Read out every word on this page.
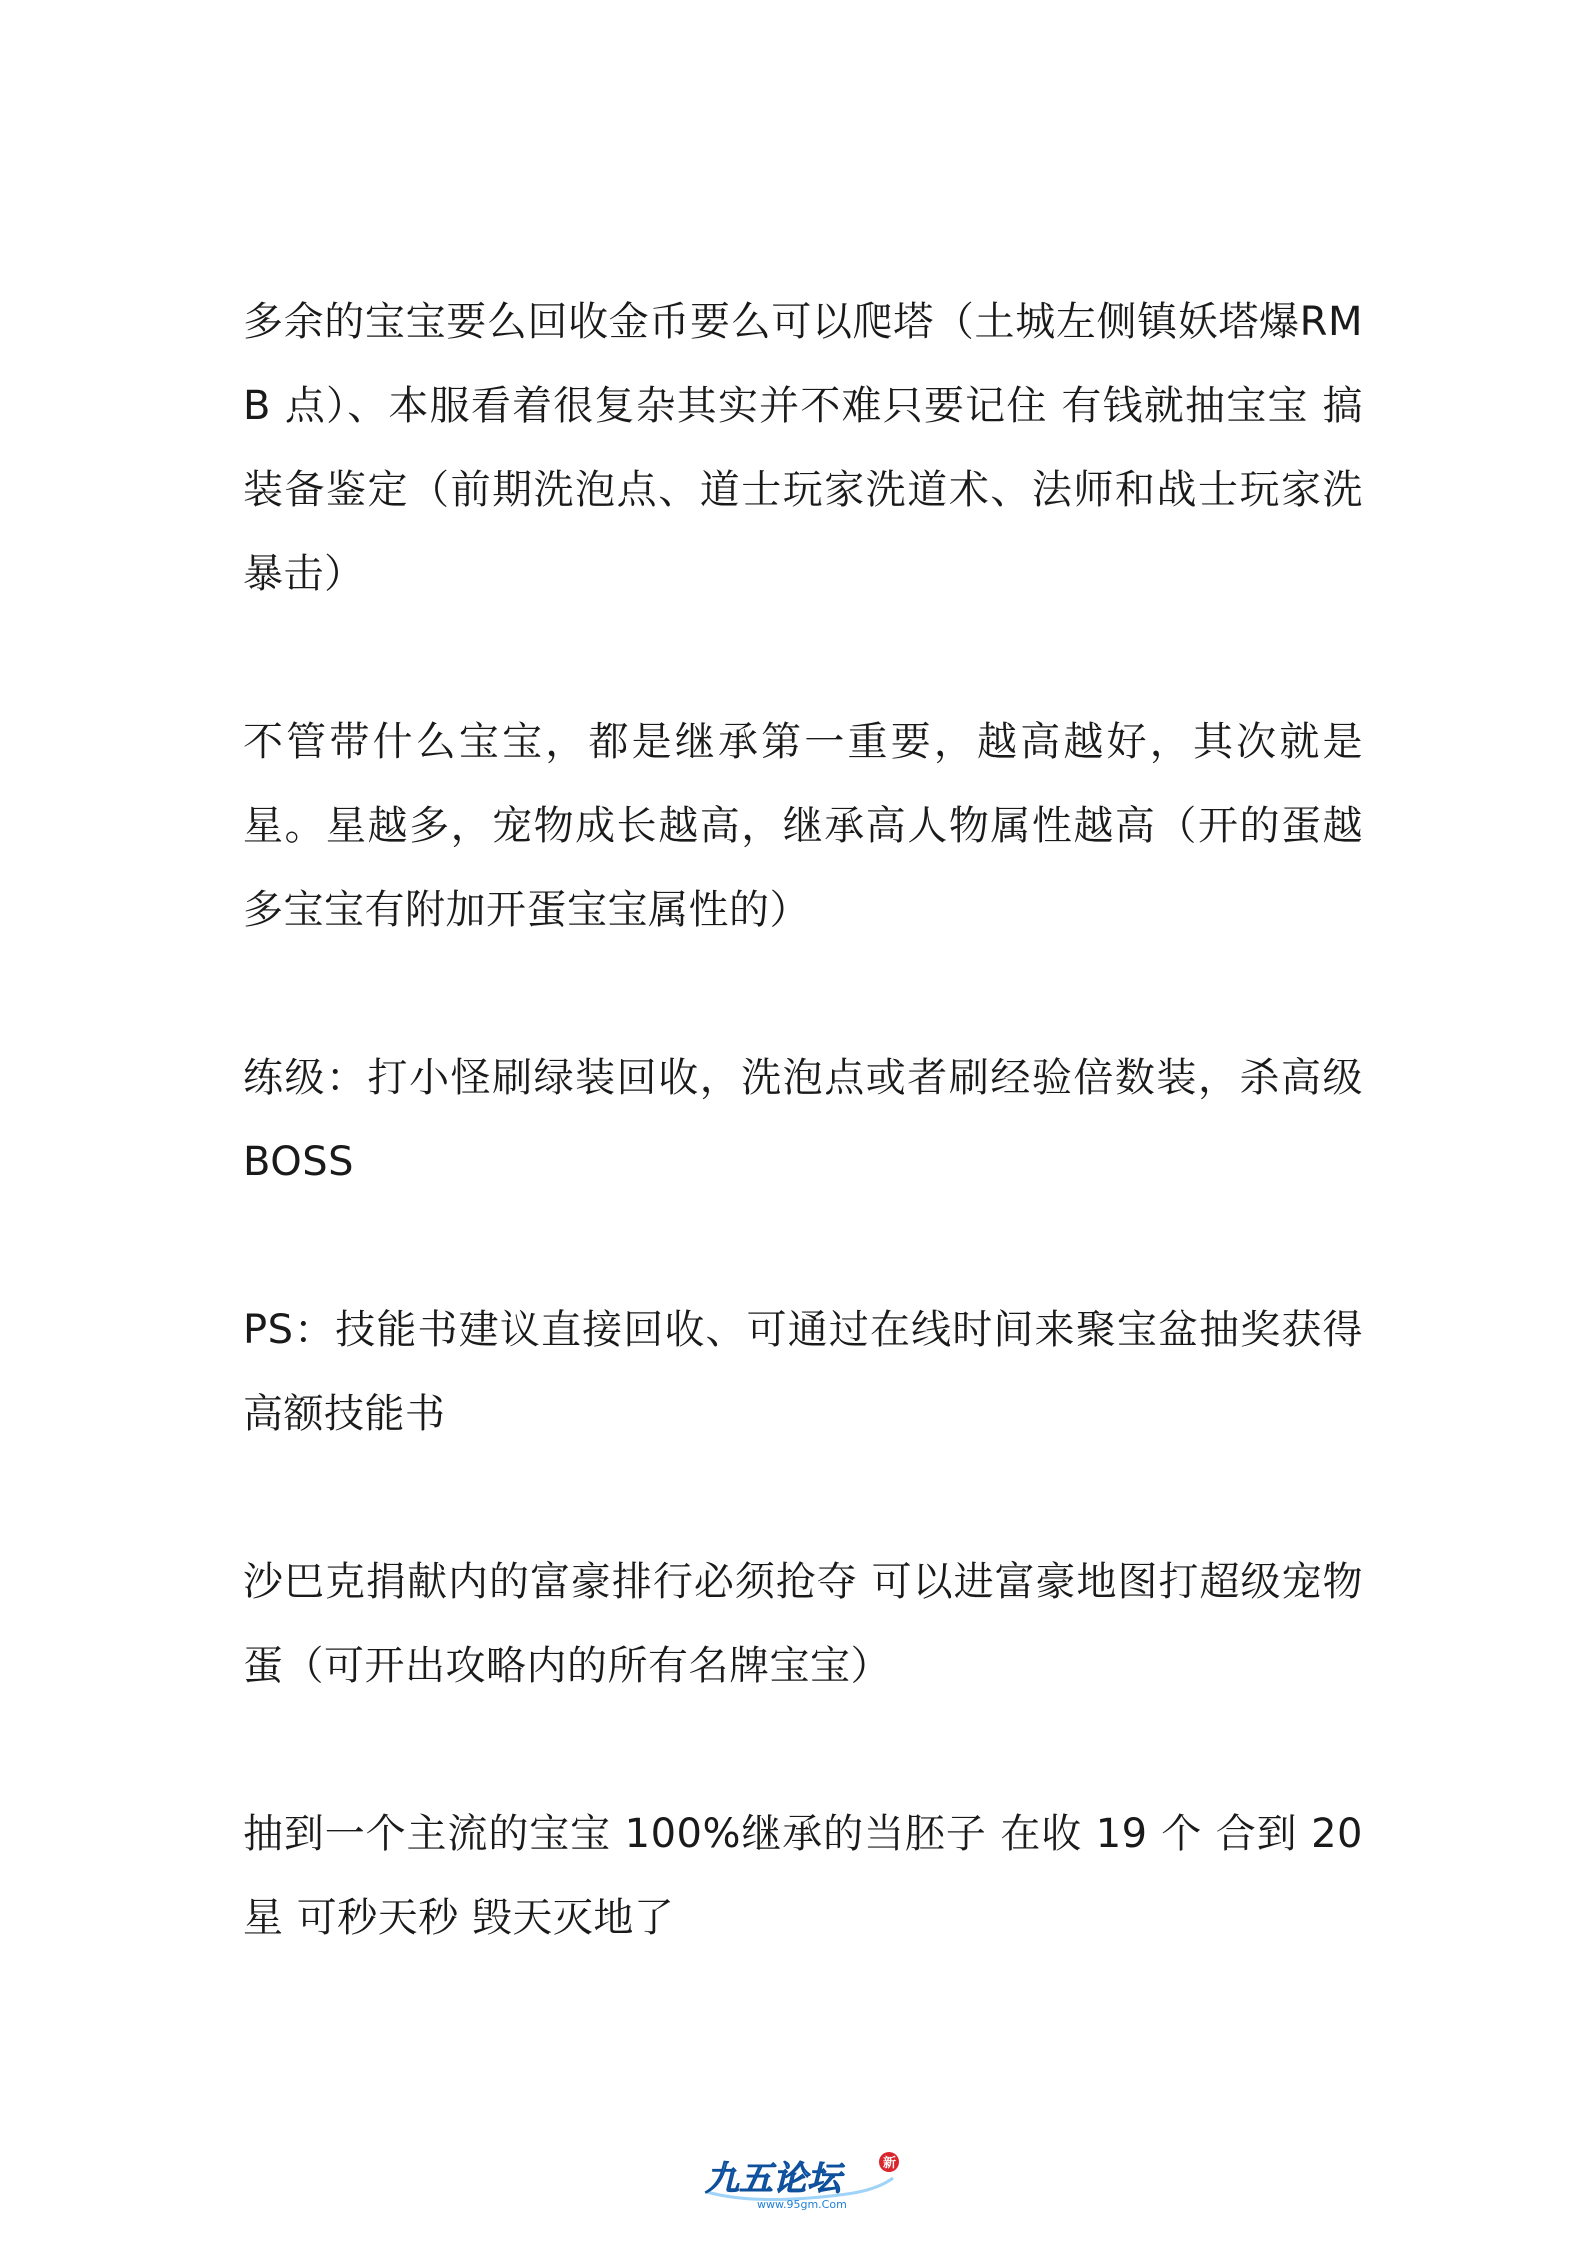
多余的宝宝要么回收金币要么可以爬塔（土城左侧镇妖塔爆RMB 点）、本服看着很复杂其实并不难只要记住 有钱就抽宝宝 搞装备鉴定（前期洗泡点、道士玩家洗道术、法师和战士玩家洗暴击）

不管带什么宝宝，都是继承第一重要，越高越好，其次就是星。星越多，宠物成长越高，继承高人物属性越高（开的蛋越多宝宝有附加开蛋宝宝属性的）

练级：打小怪刷绿装回收，洗泡点或者刷经验倍数装，杀高级 BOSS

PS：技能书建议直接回收、可通过在线时间来聚宝盆抽奖获得高额技能书

沙巴克捐献内的富豪排行必须抢夺 可以进富豪地图打超级宠物蛋（可开出攻略内的所有名牌宝宝）

抽到一个主流的宝宝 100%继承的当胚子 在收 19 个 合到 20 星 可秒天秒 毁天灭地了

九五论坛	新
www.95gm.Com
